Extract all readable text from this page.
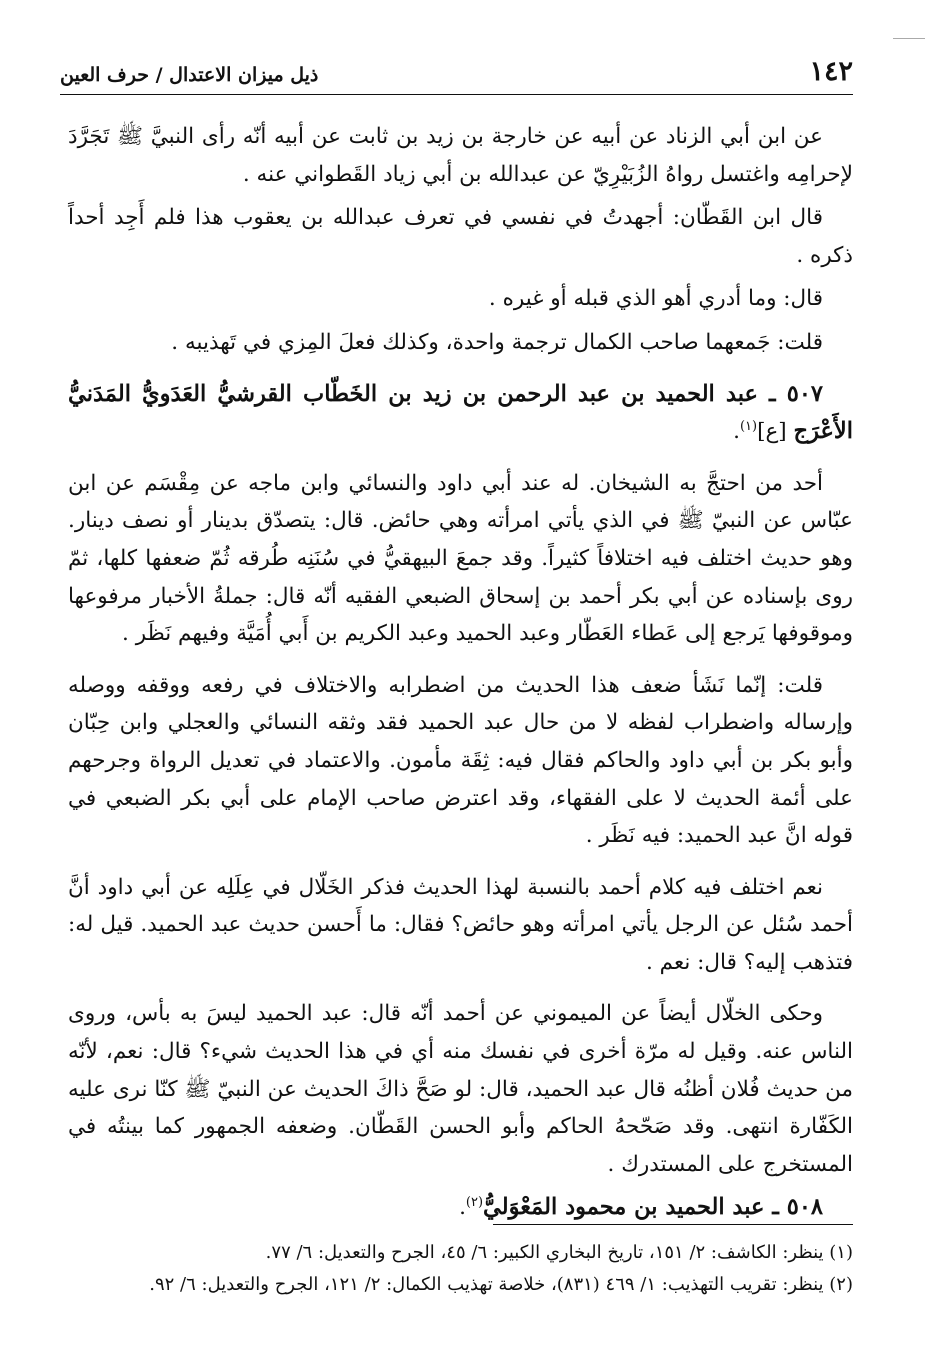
١٤٢
ذيل ميزان الاعتدال / حرف العين

عن ابن أبي الزناد عن أبيه عن خارجة بن زيد بن ثابت عن أبيه أنّه رأى النبيَّ ﷺ تَجَرَّدَ لإحرامِه واغتسل رواهُ الزُبَيْرِيّ عن عبدالله بن أبي زياد القَطواني عنه .

قال ابن القَطّان: أجهدتُ في نفسي في تعرف عبدالله بن يعقوب هذا فلم أَجِد أحداً ذكره .

قال: وما أدري أهو الذي قبله أو غيره .

قلت: جَمعهما صاحب الكمال ترجمة واحدة، وكذلك فعلَ المِزي في تَهذيبه .

٥٠٧ ـ عبد الحميد بن عبد الرحمن بن زيد بن الخَطّاب القرشيُّ العَدَويُّ المَدَنيُّ الأَعْرَج [ع]$^{(١)}$.

أحد من احتجَّ به الشيخان. له عند أبي داود والنسائي وابن ماجه عن مِقْسَم عن ابن عبّاس عن النبيّ ﷺ في الذي يأتي امرأته وهي حائض. قال: يتصدّق بدينار أو نصف دينار. وهو حديث اختلف فيه اختلافاً كثيراً. وقد جمعَ البيهقيُّ في سُنَنِه طُرقه ثُمّ ضعفها كلها، ثمّ روى بإسناده عن أبي بكر أحمد بن إسحاق الضبعي الفقيه أنّه قال: جملةُ الأخبار مرفوعها وموقوفها يَرجع إلى عَطاء العَطّار وعبد الحميد وعبد الكريم بن أَبي أُمَيَّة وفيهم نَظَر .

قلت: إنّما نَشَأ ضعف هذا الحديث من اضطرابه والاختلاف في رفعه ووقفه ووصله وإرساله واضطراب لفظه لا من حال عبد الحميد فقد وثقه النسائي والعجلي وابن حِبّان وأبو بكر بن أبي داود والحاكم فقال فيه: ثِقَة مأمون. والاعتماد في تعديل الرواة وجرحهم على أئمة الحديث لا على الفقهاء، وقد اعترض صاحب الإمام على أبي بكر الضبعي في قوله انَّ عبد الحميد: فيه نَظَر .

نعم اختلف فيه كلام أحمد بالنسبة لهذا الحديث فذكر الخَلّال في عِلَلِه عن أبي داود أنَّ أحمد سُئل عن الرجل يأتي امرأته وهو حائض؟ فقال: ما أَحسن حديث عبد الحميد. قيل له: فتذهب إليه؟ قال: نعم .

وحكى الخلّال أيضاً عن الميموني عن أحمد أنّه قال: عبد الحميد ليسَ به بأس، وروى الناس عنه. وقيل له مرّة أخرى في نفسك منه أي في هذا الحديث شيء؟ قال: نعم، لأنّه من حديث فُلان أظنُه قال عبد الحميد، قال: لو صَحَّ ذاكَ الحديث عن النبيّ ﷺ كنّا نرى عليه الكَفّارة انتهى. وقد صَحّحهُ الحاكم وأبو الحسن القَطّان. وضعفه الجمهور كما بينتُه في المستخرج على المستدرك .

٥٠٨ ـ عبد الحميد بن محمود المَعْوَليُّ$^{(٢)}$.

(١) ينظر: الكاشف: ٢/ ١٥١، تاريخ البخاري الكبير: ٦/ ٤٥، الجرح والتعديل: ٦/ ٧٧.
(٢) ينظر: تقريب التهذيب: ١/ ٤٦٩ (٨٣١)، خلاصة تهذيب الكمال: ٢/ ١٢١، الجرح والتعديل: ٦/ ٩٢.
